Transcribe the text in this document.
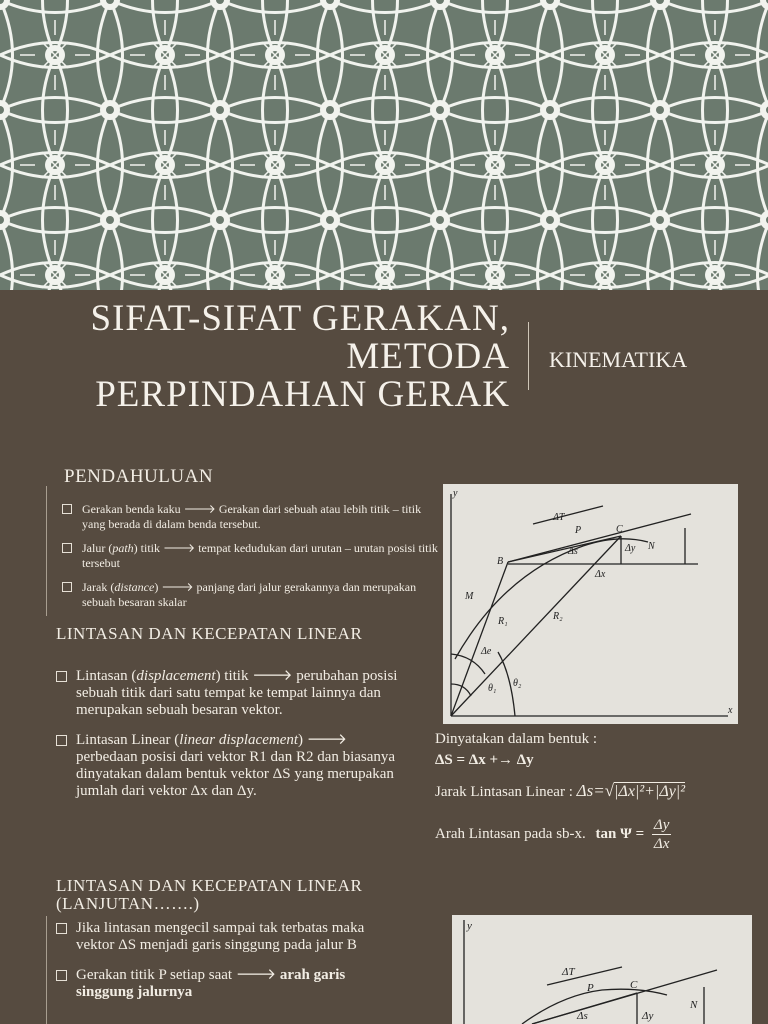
SIFAT-SIFAT GERAKAN,
METODA
PERPINDAHAN GERAK
KINEMATIKA
PENDAHULUAN
Gerakan benda kaku 🡒 Gerakan dari sebuah atau lebih titik – titik yang berada di dalam benda tersebut.
Jalur (path) titik 🡒 tempat kedudukan dari urutan – urutan posisi titik tersebut
Jarak (distance) 🡒 panjang dari jalur gerakannya dan merupakan sebuah besaran skalar
LINTASAN DAN KECEPATAN LINEAR
Lintasan (displacement) titik 🡒 perubahan posisi sebuah titik dari satu tempat ke tempat lainnya dan merupakan sebuah besaran vektor.
Lintasan Linear (linear displacement) 🡒 perbedaan posisi dari vektor R1 dan R2 dan biasanya dinyatakan dalam bentuk vektor ΔS yang merupakan jumlah dari vektor Δx dan Δy.
LINTASAN DAN KECEPATAN LINEAR (LANJUTAN…….)
Jika lintasan mengecil sampai tak terbatas maka vektor ΔS menjadi garis singgung pada jalur B
Gerakan titik P setiap saat 🡒 arah garis singgung jalurnya
y
x
ΔT
P	C
B
N
M
Δs	Δy
Δx
R₁	R₂
Δe
θ₁ θ₂
Dinyatakan dalam bentuk :
ΔS = Δx +→ Δy
Jarak Lintasan Linear : Δs=√|Δx|²+|Δy|²
Arah Lintasan pada sb-x. $\tan \Psi = \frac{\Delta y}{\Delta x}$
y
ΔT
P	C
N
Δs	Δy
